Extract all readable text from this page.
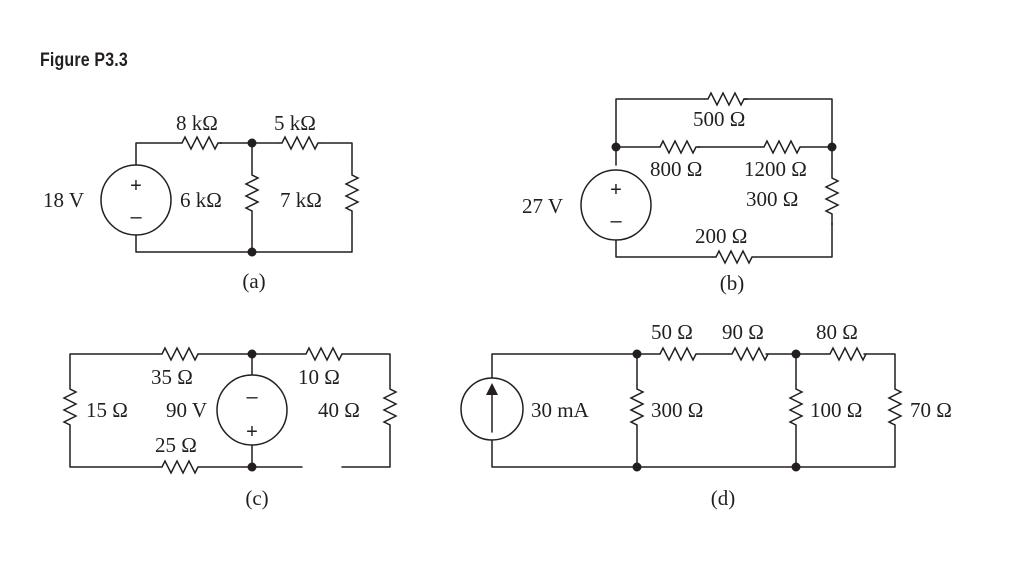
Figure P3.3
+
–
8 kΩ	5 kΩ
6 kΩ	7 kΩ
18 V
(a)
+
–
500 Ω
800 Ω 1200 Ω
300 Ω
200 Ω
27 V
(b)
–
+
15 Ω
35 Ω
90 V
25 Ω
10 Ω
40 Ω
(c)
30 mA	300 Ω
50 Ω 90 Ω 80 Ω
100 Ω 70 Ω
(d)
